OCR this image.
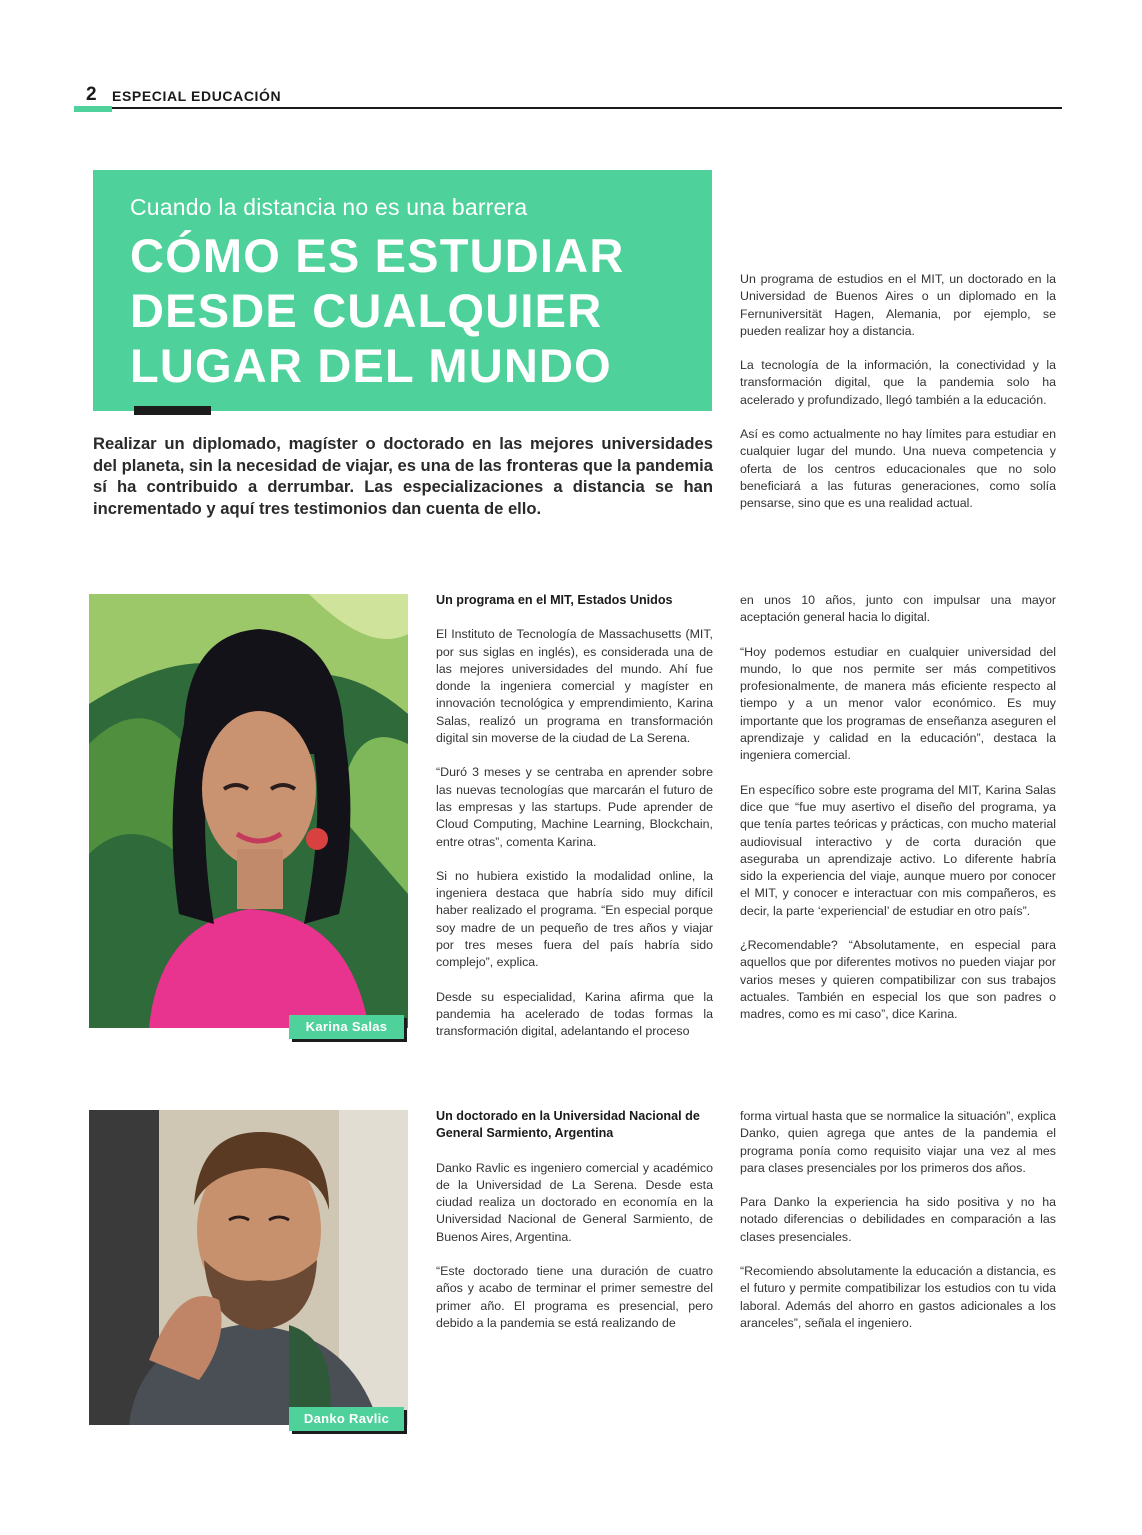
2 ESPECIAL EDUCACIÓN
Cuando la distancia no es una barrera
CÓMO ES ESTUDIAR DESDE CUALQUIER LUGAR DEL MUNDO
Realizar un diplomado, magíster o doctorado en las mejores universidades del planeta, sin la necesidad de viajar, es una de las fronteras que la pandemia sí ha contribuido a derrumbar. Las especializaciones a distancia se han incrementado y aquí tres testimonios dan cuenta de ello.

Un programa de estudios en el MIT, un doctorado en la Universidad de Buenos Aires o un diplomado en la Fernuniversität Hagen, Alemania, por ejemplo, se pueden realizar hoy a distancia.

La tecnología de la información, la conectividad y la transformación digital, que la pandemia solo ha acelerado y profundizado, llegó también a la educación.

Así es como actualmente no hay límites para estudiar en cualquier lugar del mundo. Una nueva competencia y oferta de los centros educacionales que no solo beneficiará a las futuras generaciones, como solía pensarse, sino que es una realidad actual.

Karina Salas
Un programa en el MIT, Estados Unidos

El Instituto de Tecnología de Massachusetts (MIT, por sus siglas en inglés), es considerada una de las mejores universidades del mundo. Ahí fue donde la ingeniera comercial y magíster en innovación tecnológica y emprendimiento, Karina Salas, realizó un programa en transformación digital sin moverse de la ciudad de La Serena.

“Duró 3 meses y se centraba en aprender sobre las nuevas tecnologías que marcarán el futuro de las empresas y las startups. Pude aprender de Cloud Computing, Machine Learning, Blockchain, entre otras”, comenta Karina.

Si no hubiera existido la modalidad online, la ingeniera destaca que habría sido muy difícil haber realizado el programa. “En especial porque soy madre de un pequeño de tres años y viajar por tres meses fuera del país habría sido complejo”, explica.

Desde su especialidad, Karina afirma que la pandemia ha acelerado de todas formas la transformación digital, adelantando el proceso

en unos 10 años, junto con impulsar una mayor aceptación general hacia lo digital.

“Hoy podemos estudiar en cualquier universidad del mundo, lo que nos permite ser más competitivos profesionalmente, de manera más eficiente respecto al tiempo y a un menor valor económico. Es muy importante que los programas de enseñanza aseguren el aprendizaje y calidad en la educación”, destaca la ingeniera comercial.

En específico sobre este programa del MIT, Karina Salas dice que “fue muy asertivo el diseño del programa, ya que tenía partes teóricas y prácticas, con mucho material audiovisual interactivo y de corta duración que aseguraba un aprendizaje activo. Lo diferente habría sido la experiencia del viaje, aunque muero por conocer el MIT, y conocer e interactuar con mis compañeros, es decir, la parte ‘experiencial’ de estudiar en otro país”.

¿Recomendable? “Absolutamente, en especial para aquellos que por diferentes motivos no pueden viajar por varios meses y quieren compatibilizar con sus trabajos actuales. También en especial los que son padres o madres, como es mi caso”, dice Karina.

Danko Ravlic
Un doctorado en la Universidad Nacional de General Sarmiento, Argentina

Danko Ravlic es ingeniero comercial y académico de la Universidad de La Serena. Desde esta ciudad realiza un doctorado en economía en la Universidad Nacional de General Sarmiento, de Buenos Aires, Argentina.

“Este doctorado tiene una duración de cuatro años y acabo de terminar el primer semestre del primer año. El programa es presencial, pero debido a la pandemia se está realizando de

forma virtual hasta que se normalice la situación”, explica Danko, quien agrega que antes de la pandemia el programa ponía como requisito viajar una vez al mes para clases presenciales por los primeros dos años.

Para Danko la experiencia ha sido positiva y no ha notado diferencias o debilidades en comparación a las clases presenciales.

“Recomiendo absolutamente la educación a distancia, es el futuro y permite compatibilizar los estudios con tu vida laboral. Además del ahorro en gastos adicionales a los aranceles”, señala el ingeniero.
